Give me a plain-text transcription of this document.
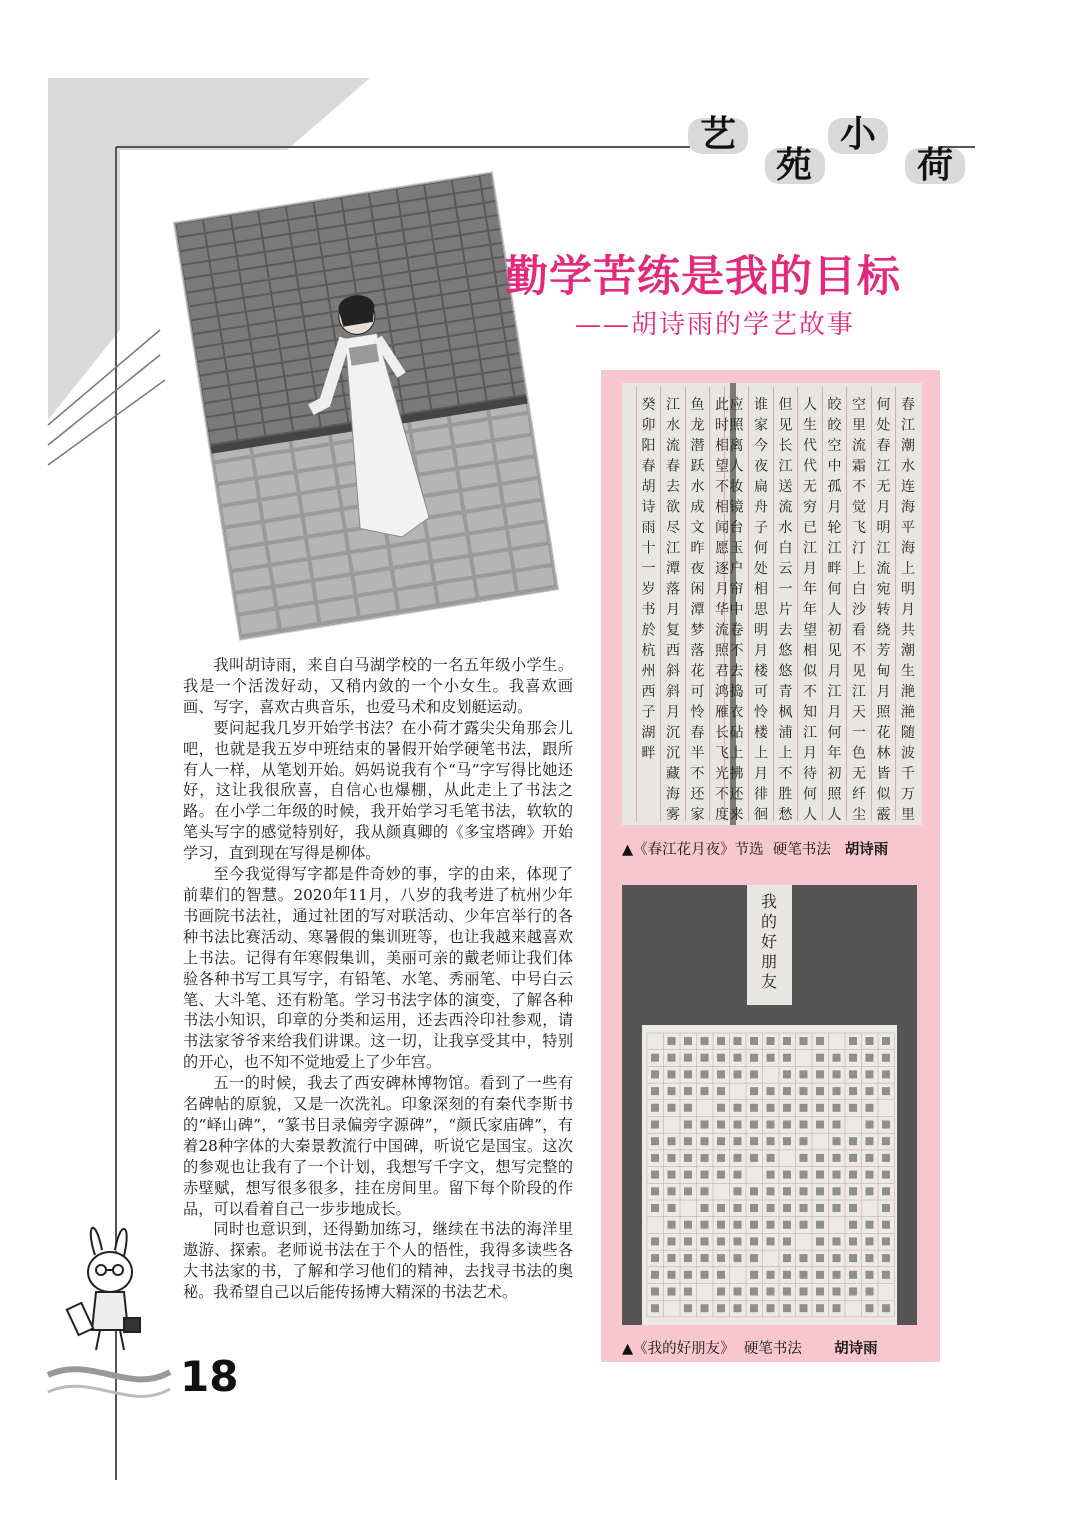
艺
苑
小
荷
勤学苦练是我的目标
——胡诗雨的学艺故事

我叫胡诗雨，来自白马湖学校的一名五年级小学生。我是一个活泼好动，又稍内敛的一个小女生。我喜欢画画、写字，喜欢古典音乐，也爱马术和皮划艇运动。

要问起我几岁开始学书法？在小荷才露尖尖角那会儿吧，也就是我五岁中班结束的暑假开始学硬笔书法，跟所有人一样，从笔划开始。妈妈说我有个“马”字写得比她还好，这让我很欣喜，自信心也爆棚，从此走上了书法之路。在小学二年级的时候，我开始学习毛笔书法，软软的笔头写字的感觉特别好，我从颜真卿的《多宝塔碑》开始学习，直到现在写得是柳体。

至今我觉得写字都是件奇妙的事，字的由来，体现了前辈们的智慧。2020年11月，八岁的我考进了杭州少年书画院书法社，通过社团的写对联活动、少年宫举行的各种书法比赛活动、寒暑假的集训班等，也让我越来越喜欢上书法。记得有年寒假集训，美丽可亲的戴老师让我们体验各种书写工具写字，有铅笔、水笔、秀丽笔、中号白云笔、大斗笔、还有粉笔。学习书法字体的演变，了解各种书法小知识，印章的分类和运用，还去西泠印社参观，请书法家爷爷来给我们讲课。这一切，让我享受其中，特别的开心，也不知不觉地爱上了少年宫。

五一的时候，我去了西安碑林博物馆。看到了一些有名碑帖的原貌，又是一次洗礼。印象深刻的有秦代李斯书的“峄山碑”，“篆书目录偏旁字源碑”，“颜氏家庙碑”，有着28种字体的大秦景教流行中国碑，听说它是国宝。这次的参观也让我有了一个计划，我想写千字文，想写完整的赤壁赋，想写很多很多，挂在房间里。留下每个阶段的作品，可以看着自己一步步地成长。

同时也意识到，还得勤加练习，继续在书法的海洋里遨游、探索。老师说书法在于个人的悟性，我得多读些各大书法家的书，了解和学习他们的精神，去找寻书法的奥秘。我希望自己以后能传扬博大精深的书法艺术。

春
江
潮
水
连
海
平
海
上
明
月
共
潮
生
滟
滟
随
波
千
万
里
何
处
春
江
无
月
明
江
流
宛
转
绕
芳
甸
月
照
花
林
皆
似
霰
空
里
流
霜
不
觉
飞
汀
上
白
沙
看
不
见
江
天
一
色
无
纤
尘
皎
皎
空
中
孤
月
轮
江
畔
何
人
初
见
月
江
月
何
年
初
照
人
人
生
代
代
无
穷
已
江
月
年
年
望
相
似
不
知
江
月
待
何
人
但
见
长
江
送
流
水
白
云
一
片
去
悠
悠
青
枫
浦
上
不
胜
愁
谁
家
今
夜
扁
舟
子
何
处
相
思
明
月
楼
可
怜
楼
上
月
徘
徊
应
照
离
人
妆
镜
台
玉
户
帘
中
卷
不
去
捣
衣
砧
上
拂
还
来
此
时
相
望
不
相
闻
愿
逐
月
华
流
照
君
鸿
雁
长
飞
光
不
度
鱼
龙
潜
跃
水
成
文
昨
夜
闲
潭
梦
落
花
可
怜
春
半
不
还
家
江
水
流
春
去
欲
尽
江
潭
落
月
复
西
斜
斜
月
沉
沉
藏
海
雾
癸
卯
阳
春
胡
诗
雨
十
一
岁
书
於
杭
州
西
子
湖
畔
▲《春江花月夜》节选 硬笔书法 胡诗雨
我
的
好
朋
友
▲《我的好朋友》 硬笔书法 胡诗雨
18
